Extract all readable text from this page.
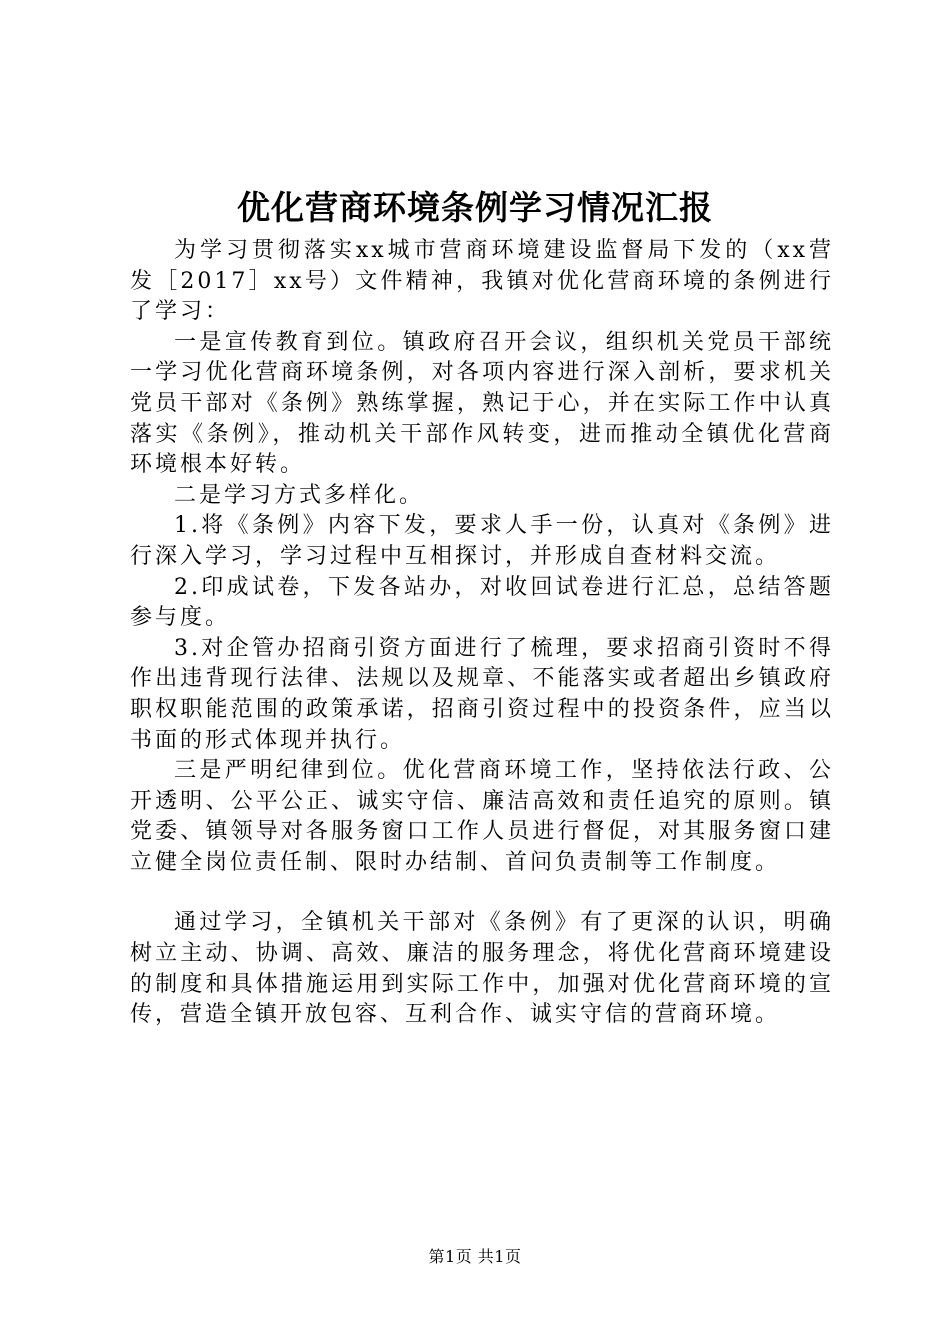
优化营商环境条例学习情况汇报

为学习贯彻落实xx城市营商环境建设监督局下发的（xx营发［2017］xx号）文件精神，我镇对优化营商环境的条例进行了学习：

一是宣传教育到位。镇政府召开会议，组织机关党员干部统一学习优化营商环境条例，对各项内容进行深入剖析，要求机关党员干部对《条例》熟练掌握，熟记于心，并在实际工作中认真落实《条例》，推动机关干部作风转变，进而推动全镇优化营商环境根本好转。

二是学习方式多样化。

1.将《条例》内容下发，要求人手一份，认真对《条例》进行深入学习，学习过程中互相探讨，并形成自查材料交流。

2.印成试卷，下发各站办，对收回试卷进行汇总，总结答题参与度。

3.对企管办招商引资方面进行了梳理，要求招商引资时不得作出违背现行法律、法规以及规章、不能落实或者超出乡镇政府职权职能范围的政策承诺，招商引资过程中的投资条件，应当以书面的形式体现并执行。

三是严明纪律到位。优化营商环境工作，坚持依法行政、公开透明、公平公正、诚实守信、廉洁高效和责任追究的原则。镇党委、镇领导对各服务窗口工作人员进行督促，对其服务窗口建立健全岗位责任制、限时办结制、首问负责制等工作制度。

通过学习，全镇机关干部对《条例》有了更深的认识，明确树立主动、协调、高效、廉洁的服务理念，将优化营商环境建设的制度和具体措施运用到实际工作中，加强对优化营商环境的宣传，营造全镇开放包容、互利合作、诚实守信的营商环境。

第1页 共1页
